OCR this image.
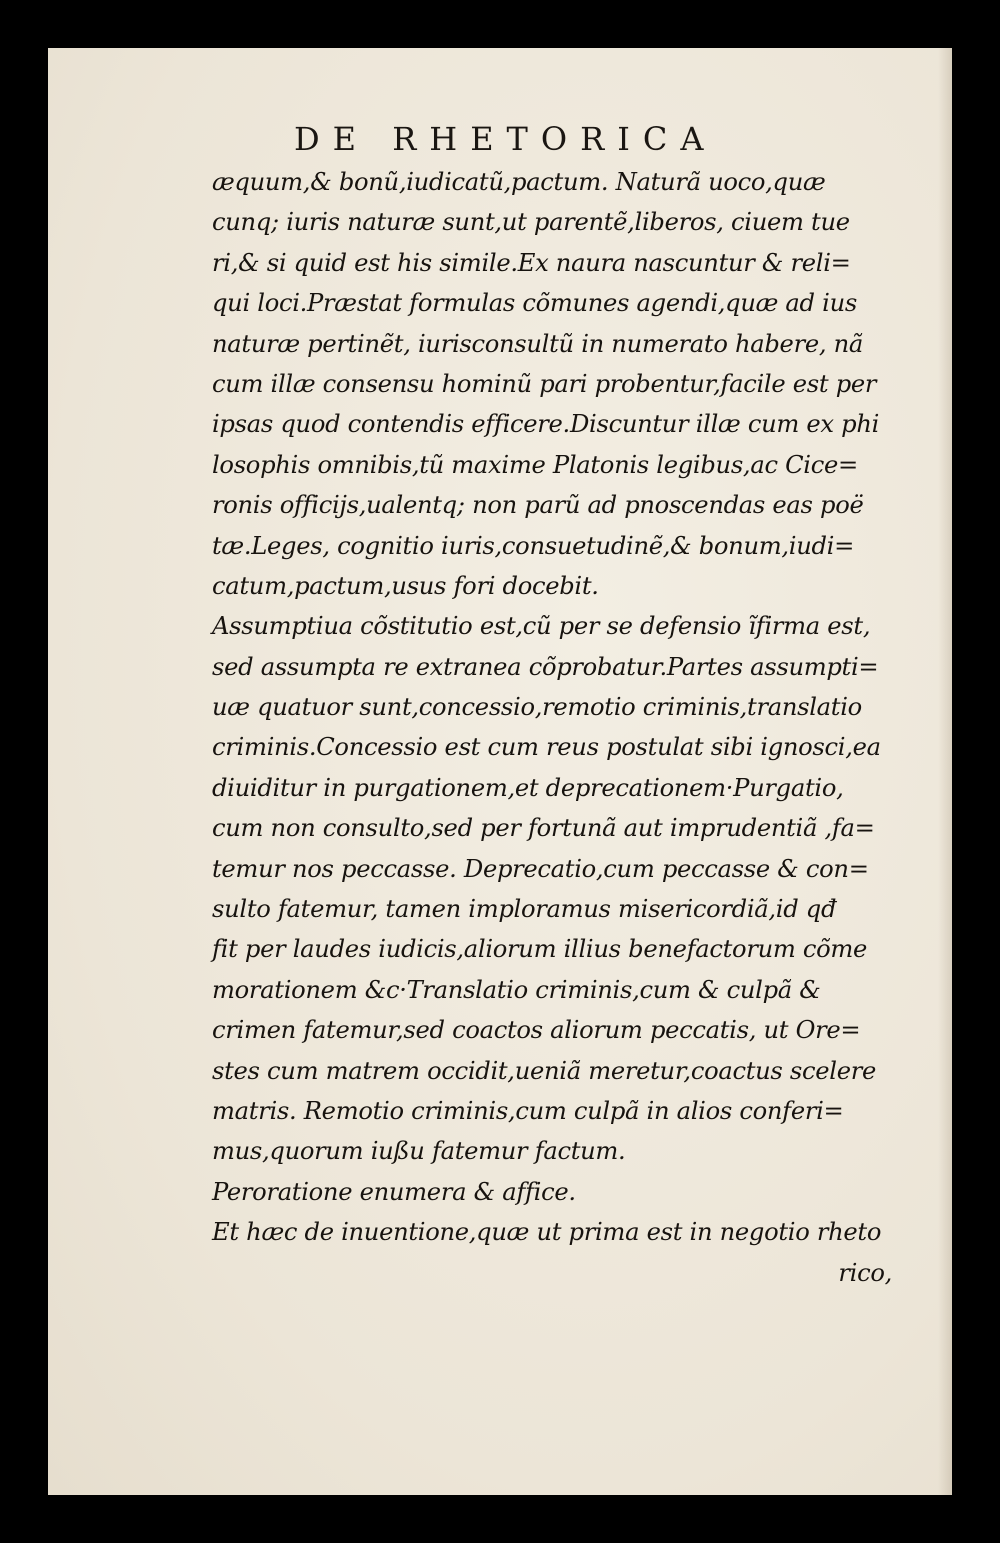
DE RHETORICA
æquum,& bonũ,iudicatũ,pactum. Naturã uoco,quæ
cunq; iuris naturæ sunt,ut parentẽ,liberos, ciuem tue
ri,& si quid est his simile.Ex naura nascuntur & reli=
qui loci.Præstat formulas cõmunes agendi,quæ ad ius
naturæ pertinẽt, iurisconsultũ in numerato habere, nã
cum illæ consensu hominũ pari probentur,facile est per
ipsas quod contendis efficere.Discuntur illæ cum ex phi
losophis omnibis,tũ maxime Platonis legibus,ac Cice=
ronis officijs,ualentq; non parũ ad pnoscendas eas poë
tæ.Leges, cognitio iuris,consuetudinẽ,& bonum,iudi=
catum,pactum,usus fori docebit.
Assumptiua cõstitutio est,cũ per se defensio ĩfirma est,
sed assumpta re extranea cõprobatur.Partes assumpti=
uæ quatuor sunt,concessio,remotio criminis,translatio
criminis.Concessio est cum reus postulat sibi ignosci,ea
diuiditur in purgationem,et deprecationem·Purgatio,
cum non consulto,sed per fortunã aut imprudentiã ,fa=
temur nos peccasse. Deprecatio,cum peccasse & con=
sulto fatemur, tamen imploramus misericordiã,id qđ
fit per laudes iudicis,aliorum illius benefactorum cõme
morationem &c·Translatio criminis,cum & culpã &
crimen fatemur,sed coactos aliorum peccatis, ut Ore=
stes cum matrem occidit,ueniã meretur,coactus scelere
matris. Remotio criminis,cum culpã in alios conferi=
mus,quorum iußu fatemur factum.
Peroratione enumera & affice.
Et hæc de inuentione,quæ ut prima est in negotio rheto
rico,
